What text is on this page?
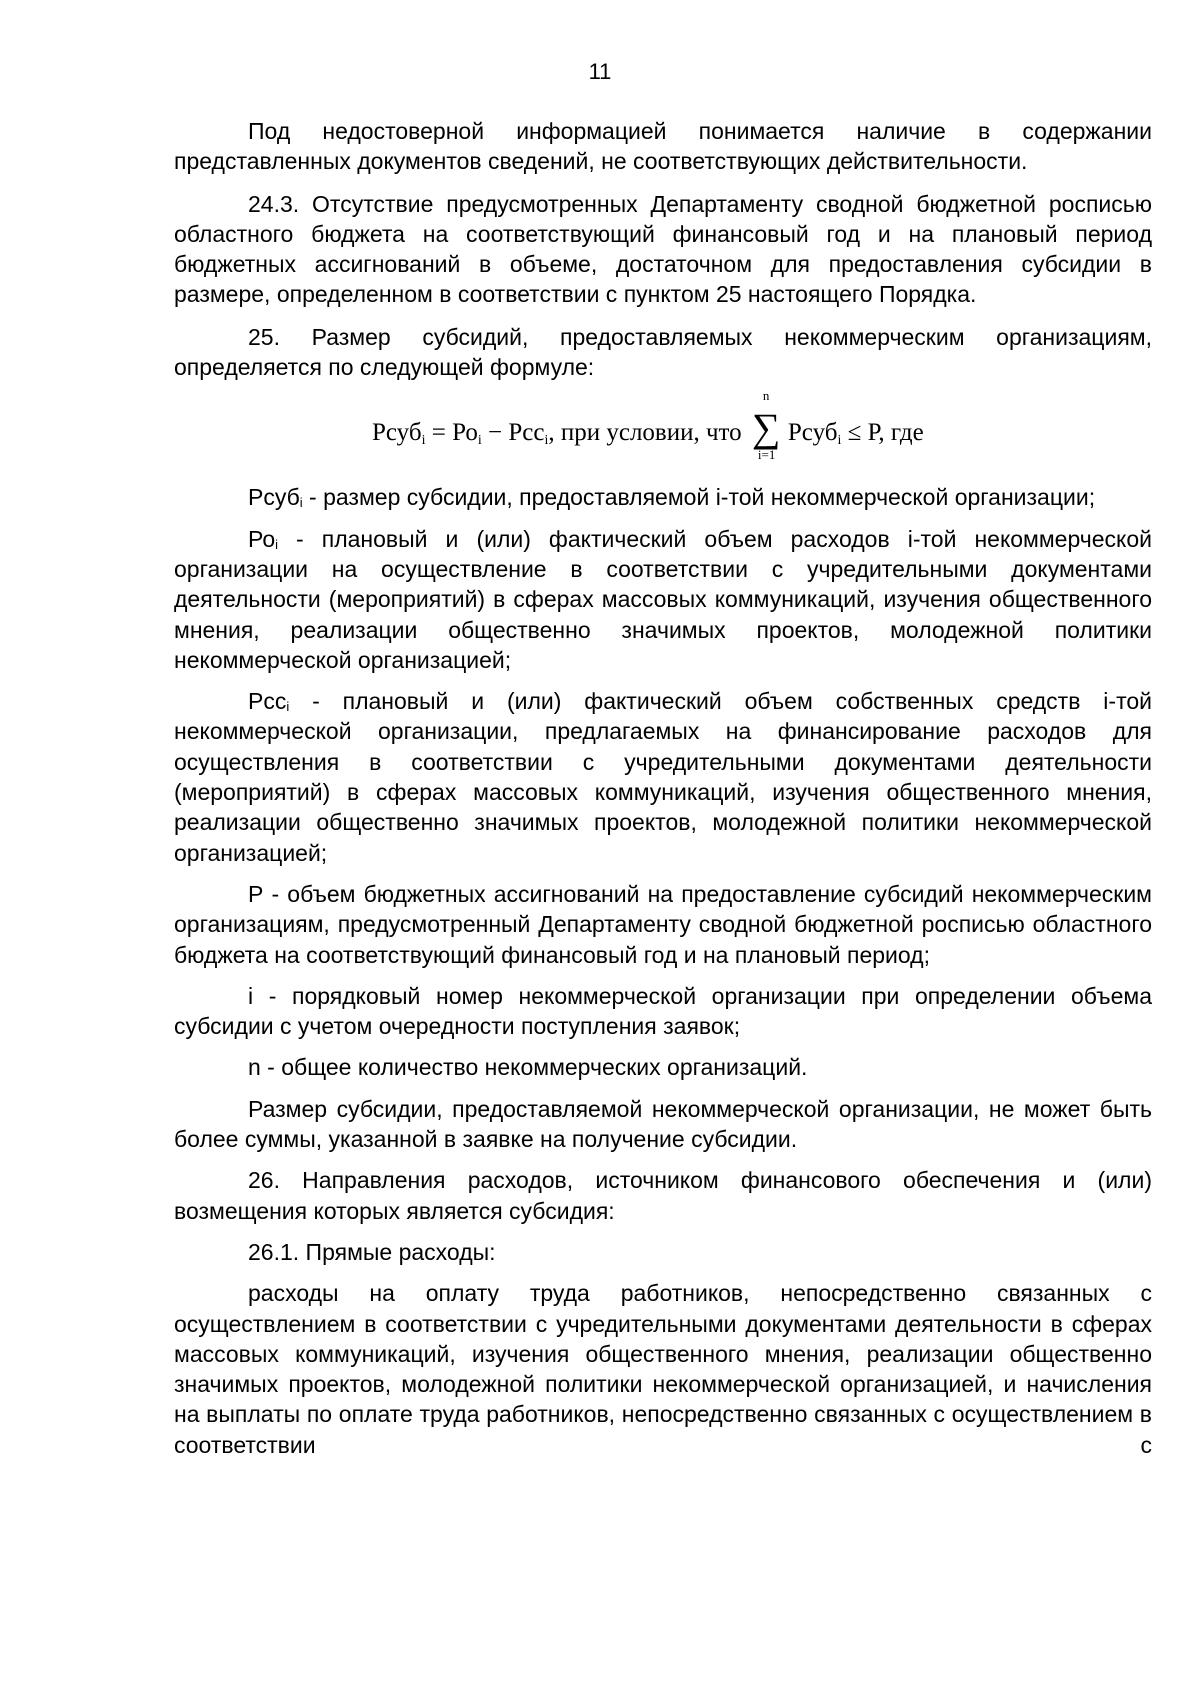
11

Под недостоверной информацией понимается наличие в содержании представленных документов сведений, не соответствующих действительности.

24.3. Отсутствие предусмотренных Департаменту сводной бюджетной росписью областного бюджета на соответствующий финансовый год и на плановый период бюджетных ассигнований в объеме, достаточном для предоставления субсидии в размере, определенном в соответствии с пунктом 25 настоящего Порядка.

25. Размер субсидий, предоставляемых некоммерческим организациям, определяется по следующей формуле:

Рсубi = Роi − Рссi, при условии, что
n
∑
i=1
Рсубi ≤ Р, где

Рсубi - размер субсидии, предоставляемой i-той некоммерческой организации;

Роi - плановый и (или) фактический объем расходов i-той некоммерческой организации на осуществление в соответствии с учредительными документами деятельности (мероприятий) в сферах массовых коммуникаций, изучения общественного мнения, реализации общественно значимых проектов, молодежной политики некоммерческой организацией;

Рссi - плановый и (или) фактический объем собственных средств i-той некоммерческой организации, предлагаемых на финансирование расходов для осуществления в соответствии с учредительными документами деятельности (мероприятий) в сферах массовых коммуникаций, изучения общественного мнения, реализации общественно значимых проектов, молодежной политики некоммерческой организацией;

Р - объем бюджетных ассигнований на предоставление субсидий некоммерческим организациям, предусмотренный Департаменту сводной бюджетной росписью областного бюджета на соответствующий финансовый год и на плановый период;

i - порядковый номер некоммерческой организации при определении объема субсидии с учетом очередности поступления заявок;

n - общее количество некоммерческих организаций.

Размер субсидии, предоставляемой некоммерческой организации, не может быть более суммы, указанной в заявке на получение субсидии.

26. Направления расходов, источником финансового обеспечения и (или) возмещения которых является субсидия:

26.1. Прямые расходы:

расходы на оплату труда работников, непосредственно связанных с осуществлением в соответствии с учредительными документами деятельности в сферах массовых коммуникаций, изучения общественного мнения, реализации общественно значимых проектов, молодежной политики некоммерческой организацией, и начисления на выплаты по оплате труда работников, непосредственно связанных с осуществлением в соответствии с
